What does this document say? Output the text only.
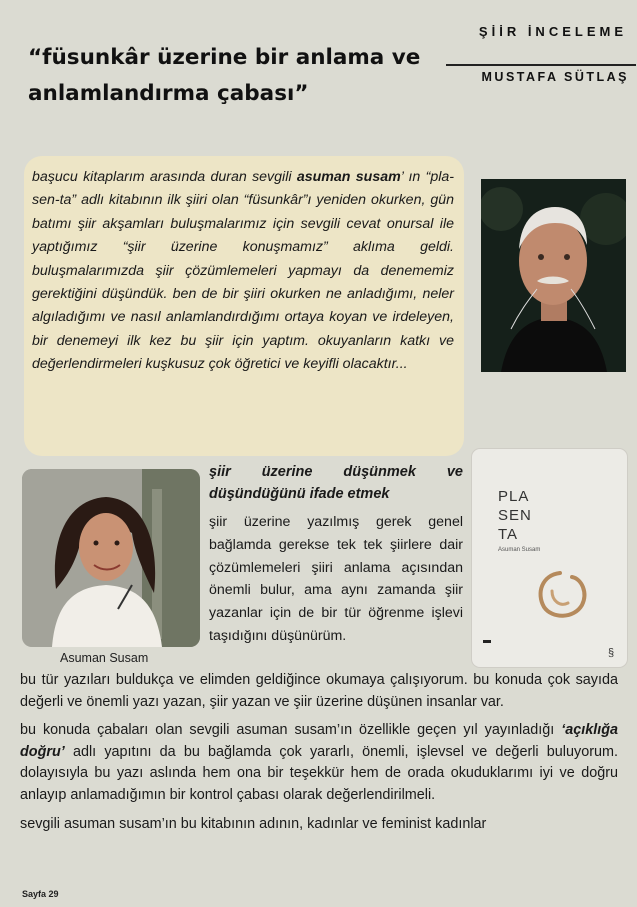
ŞİİR İNCELEME
MUSTAFA SÜTLAŞ
“füsunkâr üzerine bir anlama ve anlamlandırma çabası”

başucu kitaplarım arasında duran sevgili asuman susam’ ın “pla-sen-ta” adlı kitabının ilk şiiri olan “füsunkâr”ı yeniden okurken, gün batımı şiir akşamları buluşmalarımız için sevgili cevat onursal ile yaptığımız “şiir üzerine konuşmamız” aklıma geldi. buluşmalarımızda şiir çözümlemeleri yapmayı da denememiz gerektiğini düşündük. ben de bir şiiri okurken ne anladığımı, neler algıladığımı ve nasıl anlamlandırdığımı ortaya koyan ve irdeleyen, bir denemeyi ilk kez bu şiir için yaptım. okuyanların katkı ve değerlendirmeleri kuşkusuz çok öğretici ve keyifli olacaktır...

Asuman Susam

şiir üzerine düşünmek ve düşündüğünü ifade etmek

şiir üzerine yazılmış gerek genel bağlamda gerekse tek tek şiirlere dair çözümlemeleri şiiri anlama açısından önemli bulur, ama aynı zamanda şiir yazanlar için de bir tür öğrenme işlevi taşıdığını düşünürüm.

PLA
SEN
TA
Asuman Susam
§

bu tür yazıları buldukça ve elimden geldiğince okumaya çalışıyorum. bu konuda çok sayıda değerli ve önemli yazı yazan, şiir yazan ve şiir üzerine düşünen insanlar var.

bu konuda çabaları olan sevgili asuman susam’ın özellikle geçen yıl yayınladığı ‘açıklığa doğru’ adlı yapıtını da bu bağlamda çok yararlı, önemli, işlevsel ve değerli buluyorum. dolayısıyla bu yazı aslında hem ona bir teşekkür hem de orada okuduklarımı iyi ve doğru anlayıp anlamadığımın bir kontrol çabası olarak değerlendirilmeli.

sevgili asuman susam’ın bu kitabının adının, kadınlar ve feminist kadınlar

Sayfa 29
